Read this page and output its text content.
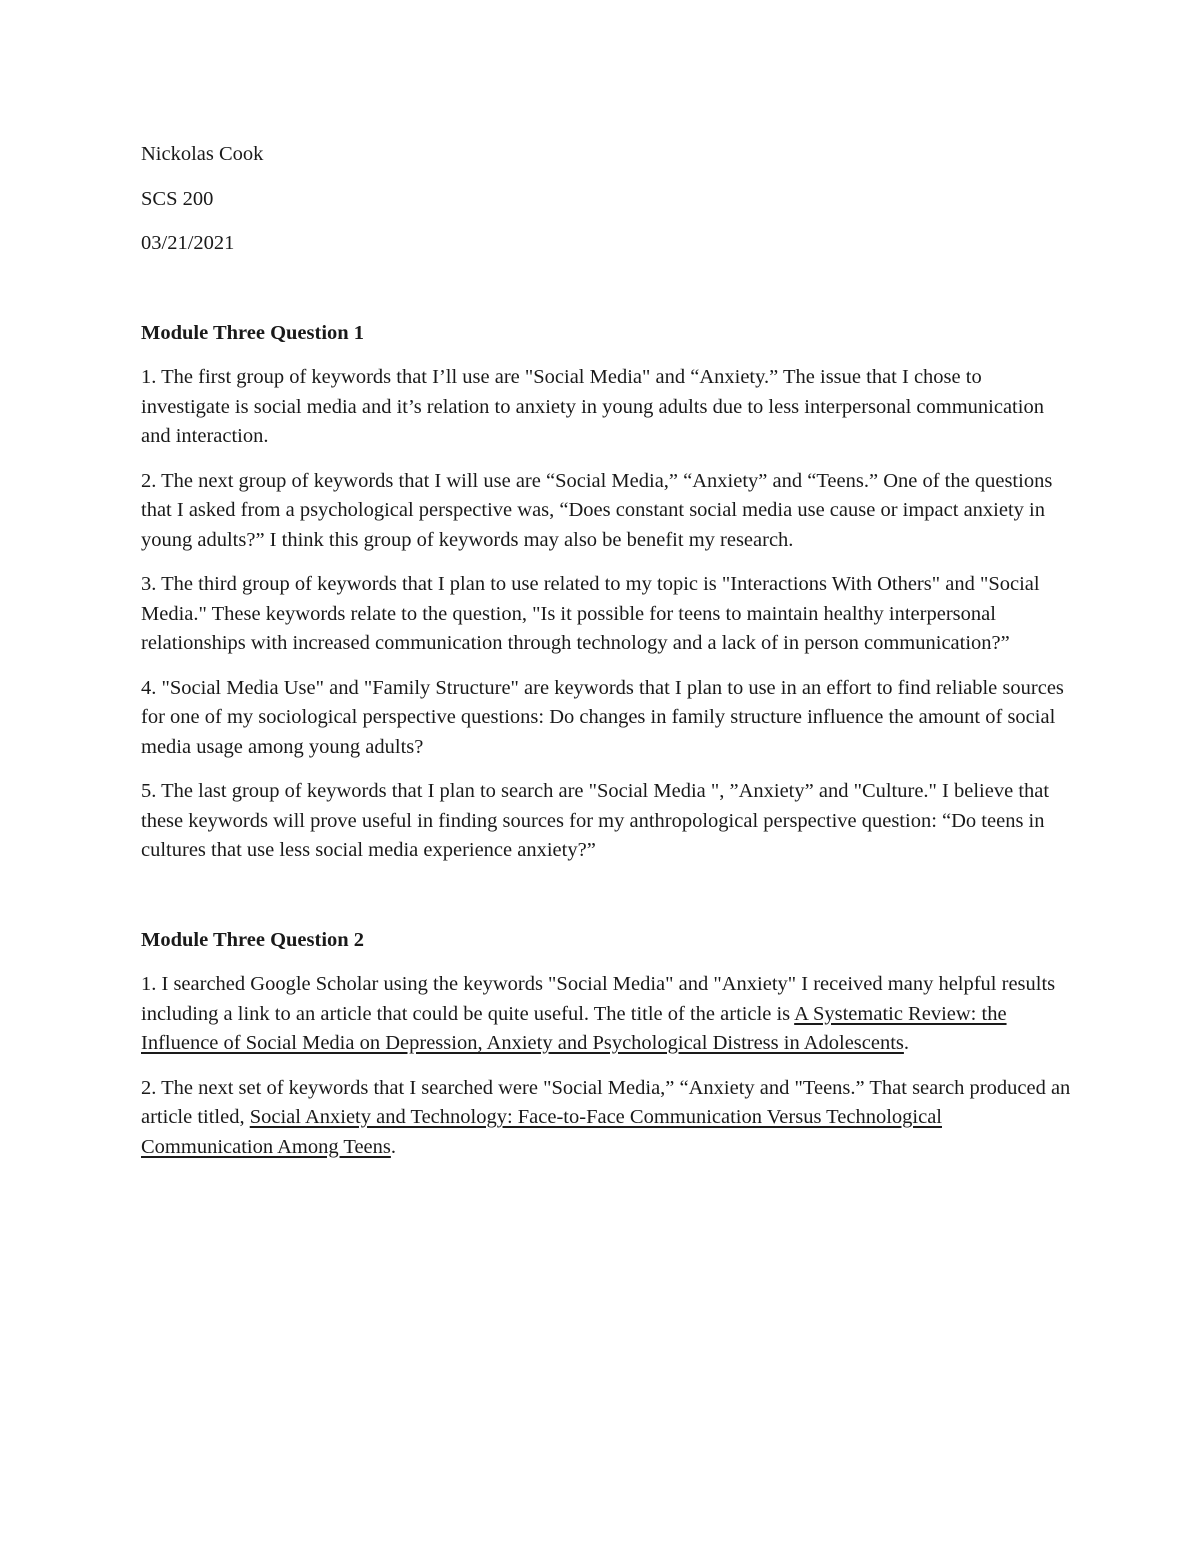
Nickolas Cook
SCS 200
03/21/2021
Module Three Question 1

1. The first group of keywords that I’ll use are "Social Media" and “Anxiety.” The issue that I chose to investigate is social media and it’s relation to anxiety in young adults due to less interpersonal communication and interaction.

2. The next group of keywords that I will use are “Social Media,” “Anxiety” and “Teens.” One of the questions that I asked from a psychological perspective was, “Does constant social media use cause or impact anxiety in young adults?” I think this group of keywords may also be benefit my research.

3. The third group of keywords that I plan to use related to my topic is "Interactions With Others" and "Social Media." These keywords relate to the question, "Is it possible for teens to maintain healthy interpersonal relationships with increased communication through technology and a lack of in person communication?”

4. "Social Media Use" and "Family Structure" are keywords that I plan to use in an effort to find reliable sources for one of my sociological perspective questions: Do changes in family structure influence the amount of social media usage among young adults?

5. The last group of keywords that I plan to search are "Social Media ", ”Anxiety” and "Culture." I believe that these keywords will prove useful in finding sources for my anthropological perspective question: “Do teens in cultures that use less social media experience anxiety?”

Module Three Question 2

1. I searched Google Scholar using the keywords "Social Media" and "Anxiety" I received many helpful results including a link to an article that could be quite useful. The title of the article is A Systematic Review: the Influence of Social Media on Depression, Anxiety and Psychological Distress in Adolescents.

2. The next set of keywords that I searched were "Social Media,” “Anxiety and "Teens.” That search produced an article titled, Social Anxiety and Technology: Face-to-Face Communication Versus Technological Communication Among Teens.
